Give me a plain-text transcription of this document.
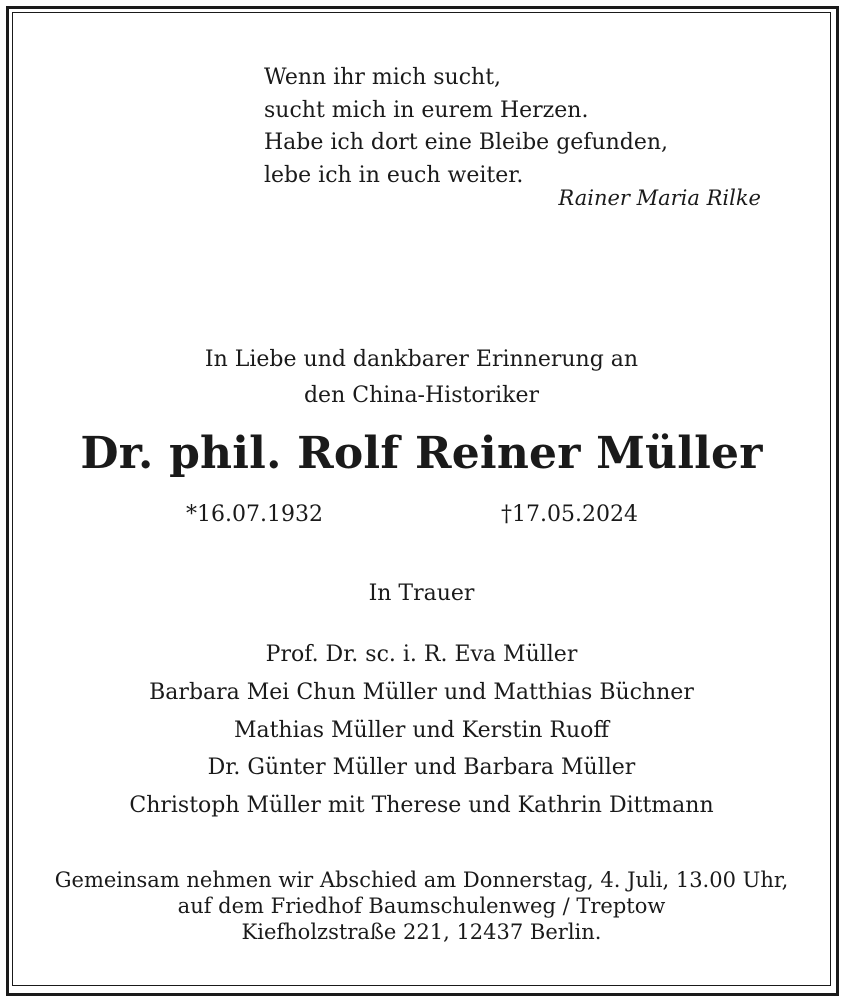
Wenn ihr mich sucht,
sucht mich in eurem Herzen.
Habe ich dort eine Bleibe gefunden,
lebe ich in euch weiter.
Rainer Maria Rilke
In Liebe und dankbarer Erinnerung an
den China-Historiker
Dr. phil. Rolf Reiner Müller
*16.07.1932	†17.05.2024
In Trauer
Prof. Dr. sc. i. R. Eva Müller
Barbara Mei Chun Müller und Matthias Büchner
Mathias Müller und Kerstin Ruoff
Dr. Günter Müller und Barbara Müller
Christoph Müller mit Therese und Kathrin Dittmann
Gemeinsam nehmen wir Abschied am Donnerstag, 4. Juli, 13.00 Uhr,
auf dem Friedhof Baumschulenweg / Treptow
Kiefholzstraße 221, 12437 Berlin.
